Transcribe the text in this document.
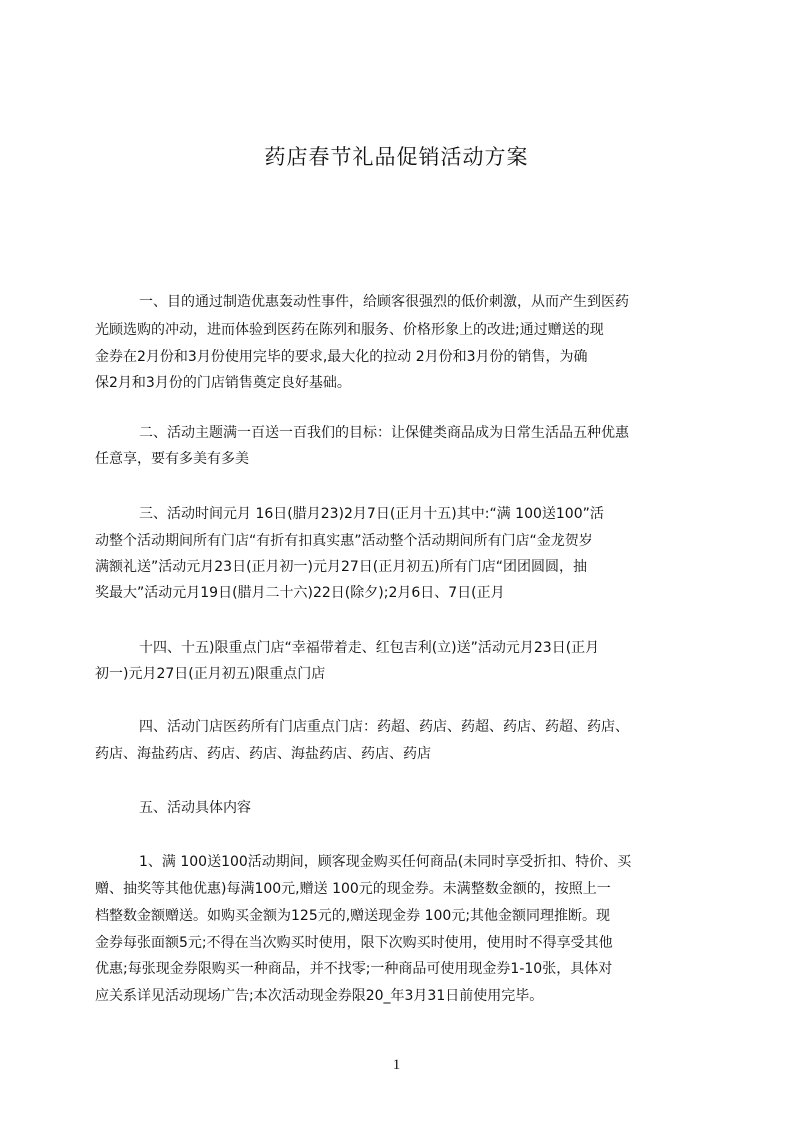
药店春节礼品促销活动方案
一、目的通过制造优惠轰动性事件，给顾客很强烈的低价刺激，从而产生到医药
光顾选购的冲动，进而体验到医药在陈列和服务、价格形象上的改进;通过赠送的现
金券在2月份和3月份使用完毕的要求,最大化的拉动 2月份和3月份的销售，为确
保2月和3月份的门店销售奠定良好基础。
二、活动主题满一百送一百我们的目标：让保健类商品成为日常生活品五种优惠
任意享，要有多美有多美
三、活动时间元月 16日(腊月23)2月7日(正月十五)其中:“满 100送100”活
动整个活动期间所有门店“有折有扣真实惠”活动整个活动期间所有门店“金龙贺岁
满额礼送”活动元月23日(正月初一)元月27日(正月初五)所有门店“团团圆圆，抽
奖最大”活动元月19日(腊月二十六)22日(除夕);2月6日、7日(正月
十四、十五)限重点门店“幸福带着走、红包吉利(立)送”活动元月23日(正月
初一)元月27日(正月初五)限重点门店
四、活动门店医药所有门店重点门店：药超、药店、药超、药店、药超、药店、
药店、海盐药店、药店、药店、海盐药店、药店、药店
五、活动具体内容
1、满 100送100活动期间，顾客现金购买任何商品(未同时享受折扣、特价、买
赠、抽奖等其他优惠)每满100元,赠送 100元的现金券。未满整数金额的，按照上一
档整数金额赠送。如购买金额为125元的,赠送现金券 100元;其他金额同理推断。现
金券每张面额5元;不得在当次购买时使用，限下次购买时使用，使用时不得享受其他
优惠;每张现金券限购买一种商品，并不找零;一种商品可使用现金券1-10张，具体对
应关系详见活动现场广告;本次活动现金券限20_年3月31日前使用完毕。
1
